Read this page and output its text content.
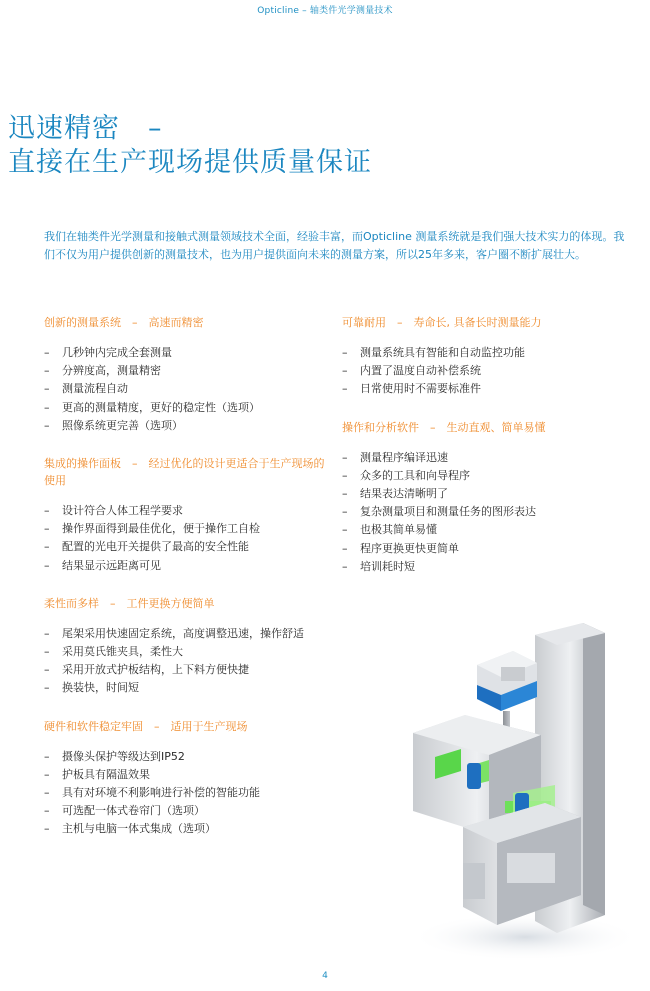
Opticline – 轴类件光学测量技术
迅速精密　–
直接在生产现场提供质量保证

我们在轴类件光学测量和接触式测量领域技术全面，经验丰富，而Opticline 测量系统就是我们强大技术实力的体现。我们不仅为用户提供创新的测量技术，也为用户提供面向未来的测量方案，所以25年多来，客户圈不断扩展壮大。

创新的测量系统　–　高速而精密
– 几秒钟内完成全套测量
– 分辨度高，测量精密
– 测量流程自动
– 更高的测量精度，更好的稳定性（选项）
– 照像系统更完善（选项）
集成的操作面板　–　经过优化的设计更适合于生产现场的使用
– 设计符合人体工程学要求
– 操作界面得到最佳优化，便于操作工自检
– 配置的光电开关提供了最高的安全性能
– 结果显示远距离可见
柔性而多样　–　工件更换方便简单
– 尾架采用快速固定系统，高度调整迅速，操作舒适
– 采用莫氏锥夹具，柔性大
– 采用开放式护板结构，上下料方便快捷
– 换装快，时间短
硬件和软件稳定牢固　–　适用于生产现场
– 摄像头保护等级达到IP52
– 护板具有隔温效果
– 具有对环境不利影响进行补偿的智能功能
– 可选配一体式卷帘门（选项）
– 主机与电脑一体式集成（选项）
可靠耐用　–　寿命长, 具备长时测量能力
– 测量系统具有智能和自动监控功能
– 内置了温度自动补偿系统
– 日常使用时不需要标准件
操作和分析软件　–　生动直观、简单易懂
– 测量程序编译迅速
– 众多的工具和向导程序
– 结果表达清晰明了
– 复杂测量项目和测量任务的图形表达
– 也极其简单易懂
– 程序更换更快更简单
– 培训耗时短
4
